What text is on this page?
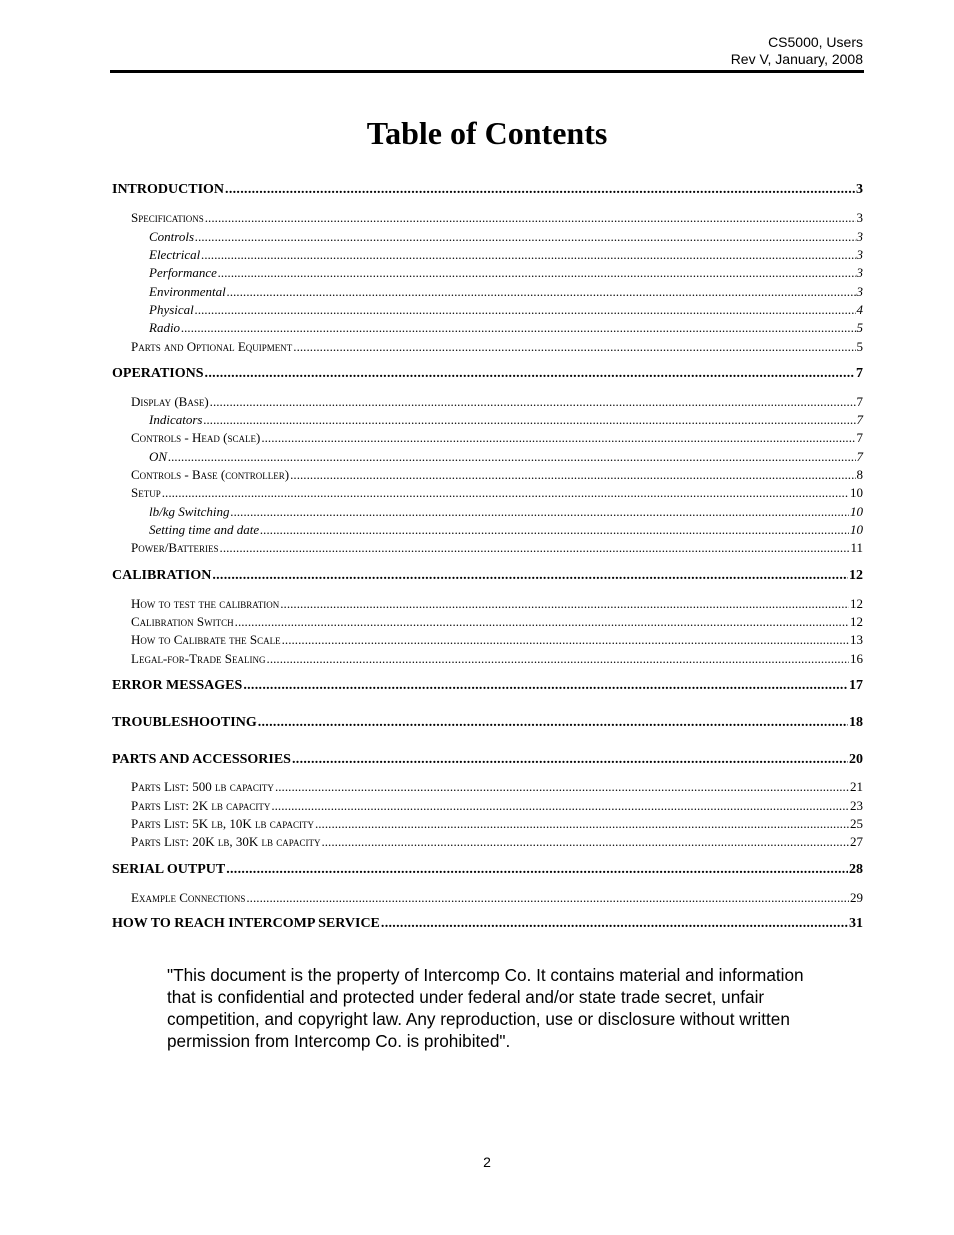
CS5000, Users
Rev V, January, 2008
Table of Contents
INTRODUCTION . . .	3
Specifications . . .	3
Controls . . .	3
Electrical . . .	3
Performance . . .	3
Environmental . . .	3
Physical . . .	4
Radio . . .	5
Parts and Optional Equipment . . .	5
OPERATIONS . . .	7
Display (Base) . . .	7
Indicators . . .	7
Controls - Head (scale) . . .	7
ON . . .	7
Controls - Base (controller) . . .	8
Setup . . .	10
lb/kg Switching . . .	10
Setting time and date . . .	10
Power/Batteries . . .	11
CALIBRATION . . .	12
How to test the calibration . . .	12
Calibration Switch . . .	12
How to Calibrate the Scale . . .	13
Legal-for-Trade Sealing . . .	16
ERROR MESSAGES . . .	17
TROUBLESHOOTING . . .	18
PARTS AND ACCESSORIES . . .	20
Parts List: 500 lb capacity . . .	21
Parts List: 2K lb capacity . . .	23
Parts List: 5K lb, 10K lb capacity . . .	25
Parts List: 20K lb, 30K lb capacity . . .	27
SERIAL OUTPUT . . .	28
Example Connections . . .	29
HOW TO REACH INTERCOMP SERVICE . . .	31
"This document is the property of Intercomp Co. It contains material and information that is confidential and protected under federal and/or state trade secret, unfair competition, and copyright law. Any reproduction, use or disclosure without written permission from Intercomp Co. is prohibited".
2
